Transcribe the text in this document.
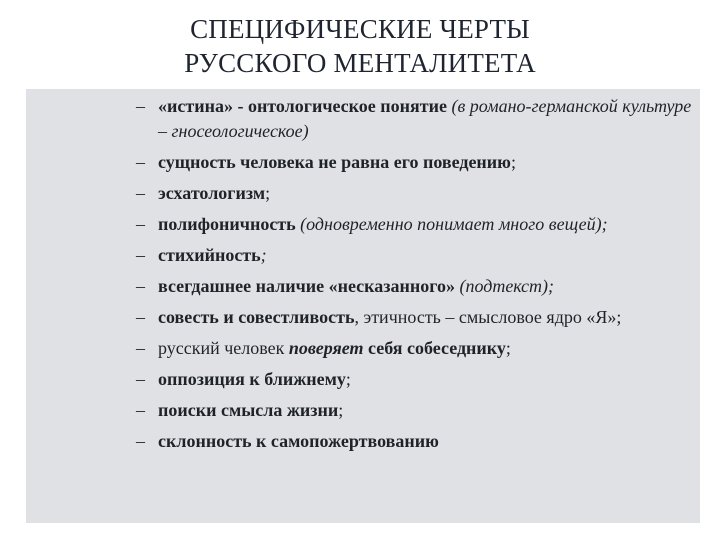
СПЕЦИФИЧЕСКИЕ ЧЕРТЫ
РУССКОГО МЕНТАЛИТЕТА
– «истина» - онтологическое понятие (в романо-германской культуре – гносеологическое)
– сущность человека не равна его поведению;
– эсхатологизм;
– полифоничность (одновременно понимает много вещей);
– стихийность;
– всегдашнее наличие «несказанного» (подтекст);
– совесть и совестливость, этичность – смысловое ядро «Я»;
– русский человек поверяет себя собеседнику;
– оппозиция к ближнему;
– поиски смысла жизни;
– склонность к самопожертвованию
